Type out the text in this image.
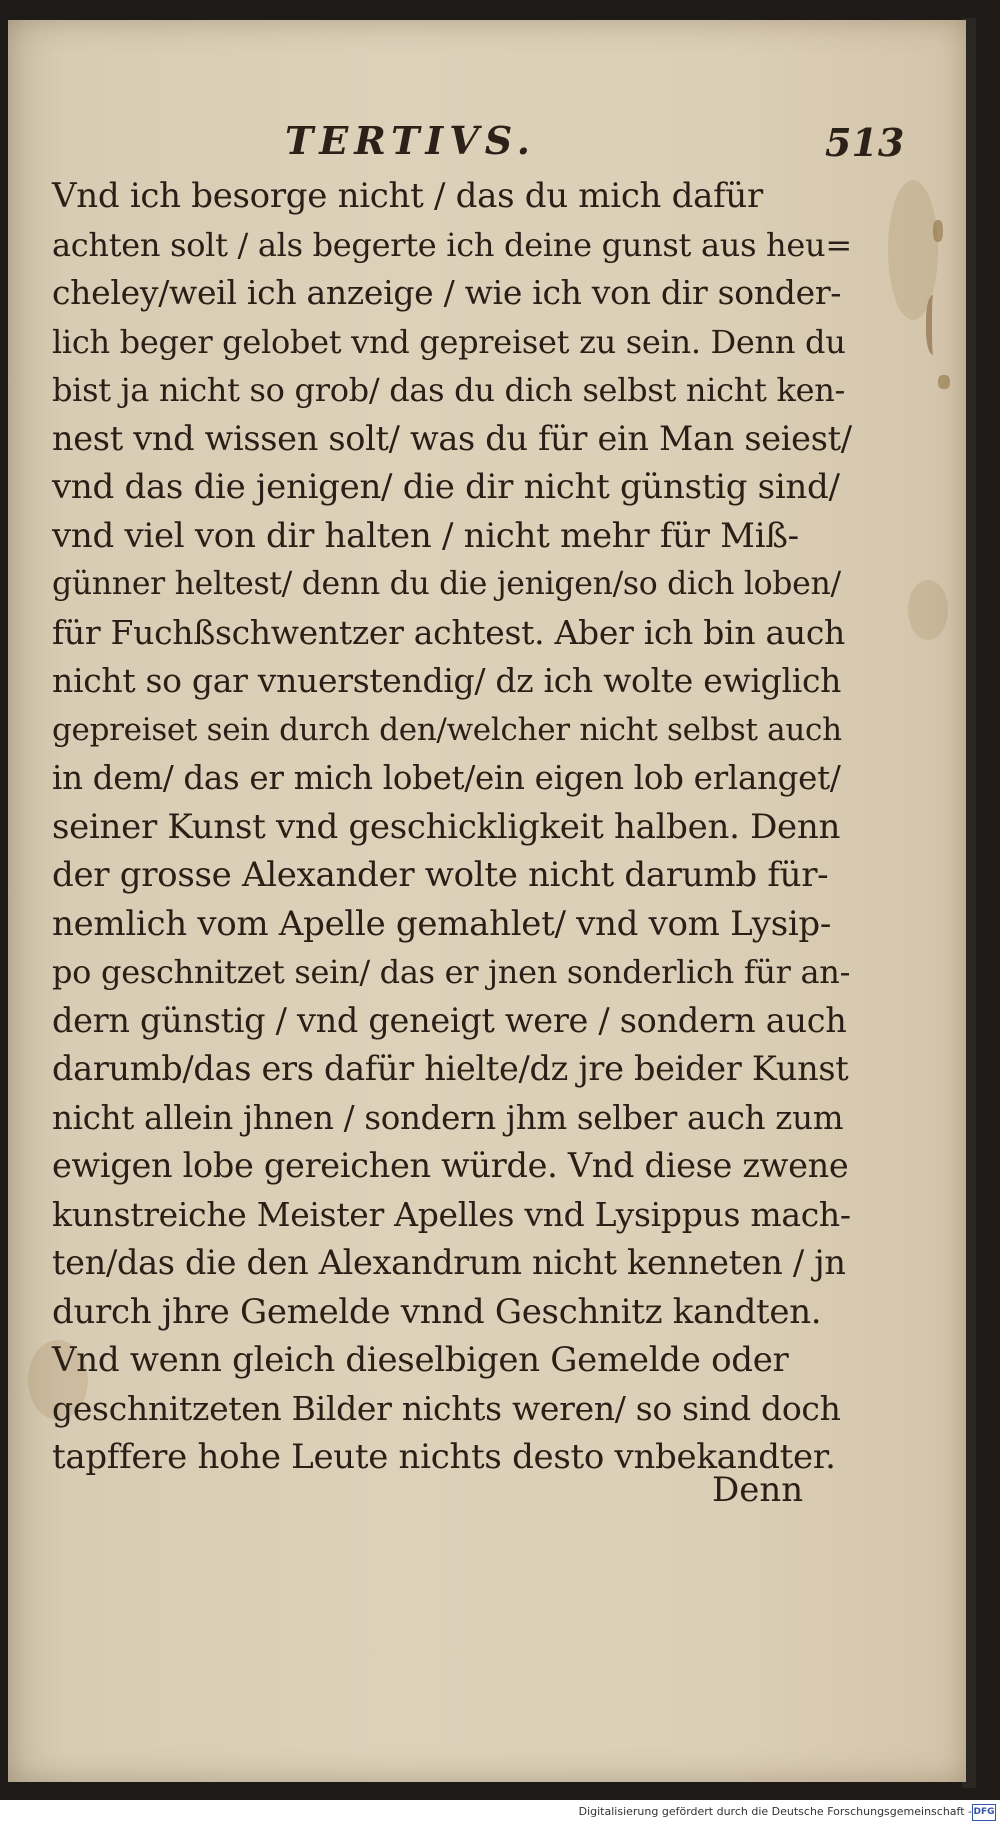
TERTIVS.	513
Vnd ich besorge nicht / das du mich dafür
achten solt / als begerte ich deine gunst aus heu=
cheley/weil ich anzeige / wie ich von dir sonder-
lich beger gelobet vnd gepreiset zu sein. Denn du
bist ja nicht so grob/ das du dich selbst nicht ken-
nest vnd wissen solt/ was du für ein Man seiest/
vnd das die jenigen/ die dir nicht günstig sind/
vnd viel von dir halten / nicht mehr für Miß-
günner heltest/ denn du die jenigen/so dich loben/
für Fuchßschwentzer achtest. Aber ich bin auch
nicht so gar vnuerstendig/ dz ich wolte ewiglich
gepreiset sein durch den/welcher nicht selbst auch
in dem/ das er mich lobet/ein eigen lob erlanget/
seiner Kunst vnd geschickligkeit halben. Denn
der grosse Alexander wolte nicht darumb für-
nemlich vom Apelle gemahlet/ vnd vom Lysip-
po geschnitzet sein/ das er jnen sonderlich für an-
dern günstig / vnd geneigt were / sondern auch
darumb/das ers dafür hielte/dz jre beider Kunst
nicht allein jhnen / sondern jhm selber auch zum
ewigen lobe gereichen würde. Vnd diese zwene
kunstreiche Meister Apelles vnd Lysippus mach-
ten/das die den Alexandrum nicht kenneten / jn
durch jhre Gemelde vnnd Geschnitz kandten.
Vnd wenn gleich dieselbigen Gemelde oder
geschnitzeten Bilder nichts weren/ so sind doch
tapffere hohe Leute nichts desto vnbekandter.
Denn
Digitalisierung gefördert durch die Deutsche Forschungsgemeinschaft - DFG
